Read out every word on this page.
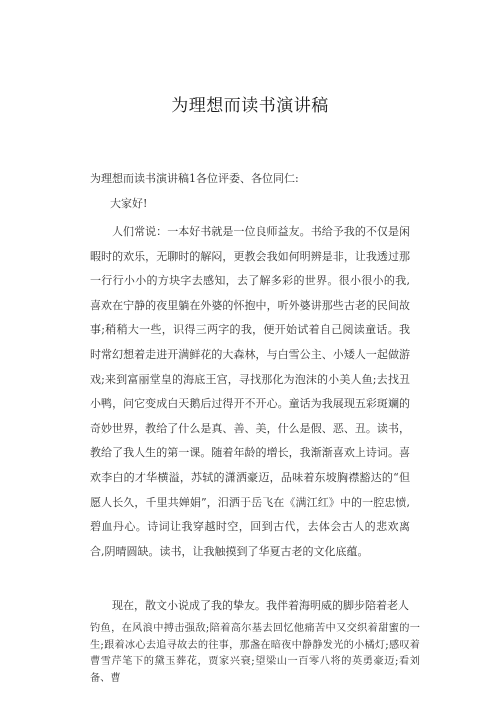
为理想而读书演讲稿
为理想而读书演讲稿1各位评委、各位同仁:
大家好!
人们常说：一本好书就是一位良师益友。书给予我的不仅是闲暇时的欢乐，无聊时的解闷，更教会我如何明辨是非，让我透过那一行行小小的方块字去感知，去了解多彩的世界。很小很小的我,喜欢在宁静的夜里躺在外婆的怀抱中，听外婆讲那些古老的民间故事;稍稍大一些，识得三两字的我，便开始试着自己阅读童话。我时常幻想着走进开满鲜花的大森林，与白雪公主、小矮人一起做游戏;来到富丽堂皇的海底王宫，寻找那化为泡沫的小美人鱼;去找丑小鸭，问它变成白天鹅后过得开不开心。童话为我展现五彩斑斓的奇妙世界，教给了什么是真、善、美，什么是假、恶、丑。读书，教给了我人生的第一课。随着年龄的增长，我渐渐喜欢上诗词。喜欢李白的才华横溢，苏轼的潇洒豪迈，品味着东坡胸襟豁达的“但愿人长久，千里共婵娟”，汨洒于岳飞在《满江红》中的一腔忠愤,碧血丹心。诗词让我穿越时空，回到古代，去体会古人的悲欢离合,阴晴圆缺。读书，让我触摸到了华夏古老的文化底蕴。
现在，散文小说成了我的挚友。我伴着海明威的脚步陪着老人
钓鱼，在风浪中搏击强敌;陪着高尔基去回忆他痛苦中又交织着甜蜜的一生;跟着冰心去追寻故去的往事，那盏在暗夜中静静发光的小橘灯;感叹着曹雪芹笔下的黛玉葬花，贾家兴衰;望梁山一百零八将的英勇豪迈;看刘备、曹
